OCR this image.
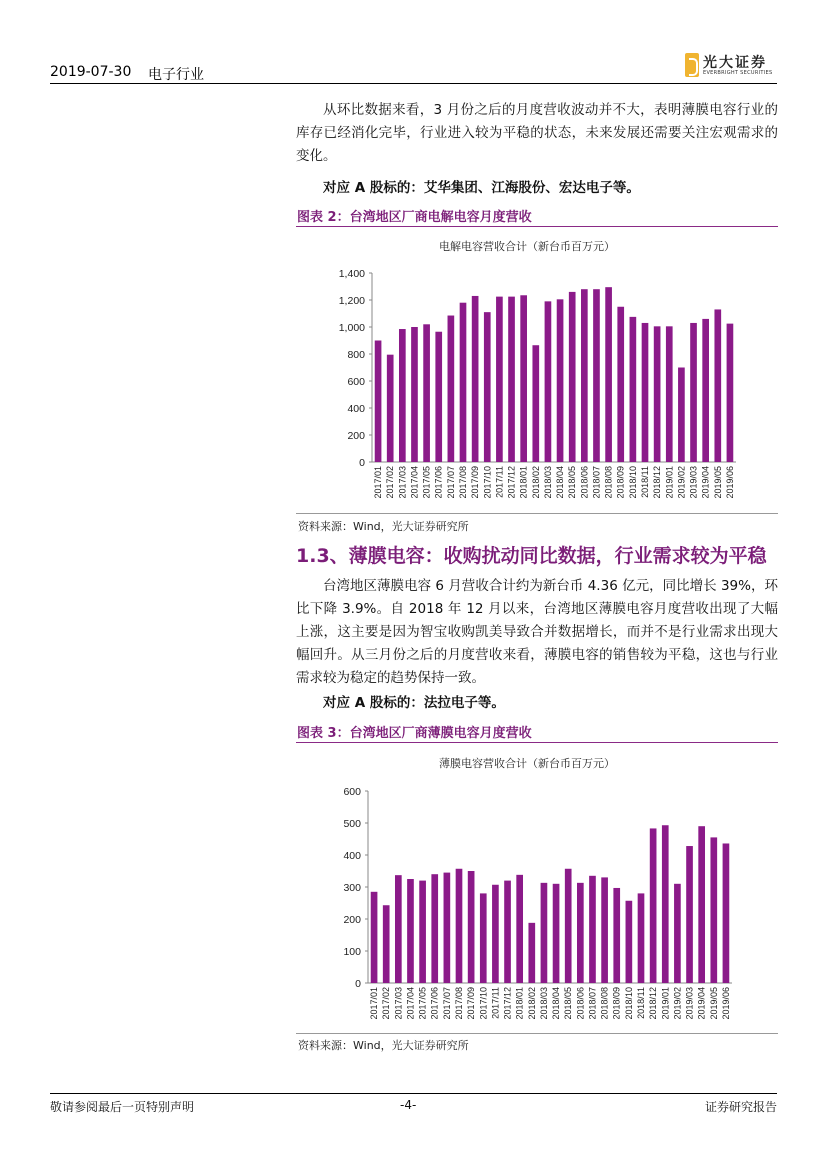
2019-07-30 电子行业
光大证券
EVERBRIGHT SECURITIES

从环比数据来看，3 月份之后的月度营收波动并不大，表明薄膜电容行业的库存已经消化完毕，行业进入较为平稳的状态，未来发展还需要关注宏观需求的变化。

对应 A 股标的：艾华集团、江海股份、宏达电子等。
图表 2：台湾地区厂商电解电容月度营收
电解电容营收合计（新台币百万元）
0
200
400
600
800
1,000
1,200
1,400
2017/01 2017/02 2017/03 2017/04 2017/05 2017/06 2017/07 2017/08 2017/09 2017/10 2017/11 2017/12 2018/01 2018/02 2018/03 2018/04 2018/05 2018/06 2018/07 2018/08 2018/09 2018/10 2018/11 2018/12 2019/01 2019/02 2019/03 2019/04 2019/05 2019/06
资料来源：Wind，光大证券研究所
1.3、薄膜电容：收购扰动同比数据，行业需求较为平稳

台湾地区薄膜电容 6 月营收合计约为新台币 4.36 亿元，同比增长 39%，环比下降 3.9%。自 2018 年 12 月以来，台湾地区薄膜电容月度营收出现了大幅上涨，这主要是因为智宝收购凯美导致合并数据增长，而并不是行业需求出现大幅回升。从三月份之后的月度营收来看，薄膜电容的销售较为平稳，这也与行业需求较为稳定的趋势保持一致。

对应 A 股标的：法拉电子等。
图表 3：台湾地区厂商薄膜电容月度营收
薄膜电容营收合计（新台币百万元）
0
100
200
300
400
500
600
2017/01 2017/02 2017/03 2017/04 2017/05 2017/06 2017/07 2017/08 2017/09 2017/10 2017/11 2017/12 2018/01 2018/02 2018/03 2018/04 2018/05 2018/06 2018/07 2018/08 2018/09 2018/10 2018/11 2018/12 2019/01 2019/02 2019/03 2019/04 2019/05 2019/06
资料来源：Wind，光大证券研究所
敬请参阅最后一页特别声明	-4-	证券研究报告
